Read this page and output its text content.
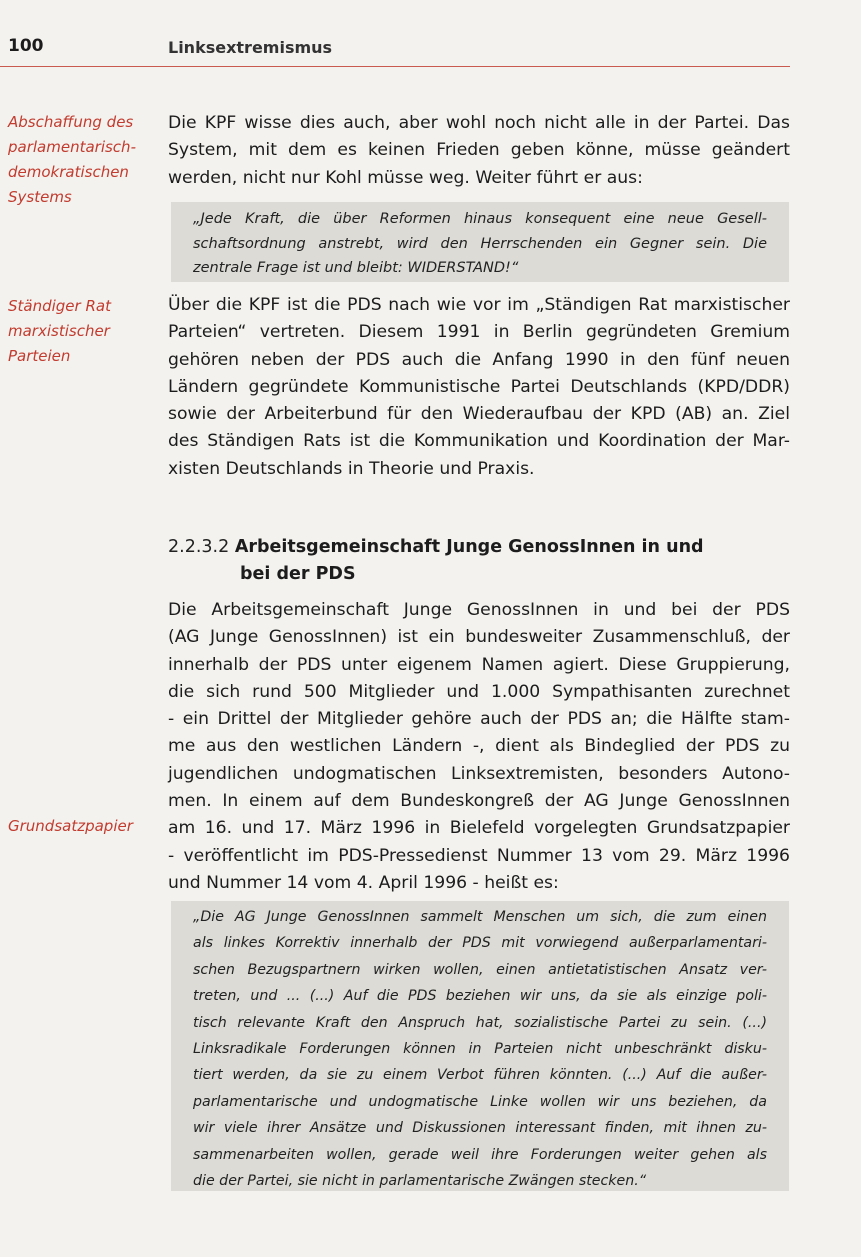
100	Linksextremismus
Abschaffung des
parlamentarisch-
demokratischen
Systems
Ständiger Rat
marxistischer
Parteien
Grundsatzpapier
Die KPF wisse dies auch, aber wohl noch nicht alle in der Partei. Das
System, mit dem es keinen Frieden geben könne, müsse geändert
werden, nicht nur Kohl müsse weg. Weiter führt er aus:
„Jede Kraft, die über Reformen hinaus konsequent eine neue Gesell-
schaftsordnung anstrebt, wird den Herrschenden ein Gegner sein. Die
zentrale Frage ist und bleibt: WIDERSTAND!“
Über die KPF ist die PDS nach wie vor im „Ständigen Rat marxistischer
Parteien“ vertreten. Diesem 1991 in Berlin gegründeten Gremium
gehören neben der PDS auch die Anfang 1990 in den fünf neuen
Ländern gegründete Kommunistische Partei Deutschlands (KPD/DDR)
sowie der Arbeiterbund für den Wiederaufbau der KPD (AB) an. Ziel
des Ständigen Rats ist die Kommunikation und Koordination der Mar-
xisten Deutschlands in Theorie und Praxis.
2.2.3.2 Arbeitsgemeinschaft Junge GenossInnen in und
bei der PDS
Die Arbeitsgemeinschaft Junge GenossInnen in und bei der PDS
(AG Junge GenossInnen) ist ein bundesweiter Zusammenschluß, der
innerhalb der PDS unter eigenem Namen agiert. Diese Gruppierung,
die sich rund 500 Mitglieder und 1.000 Sympathisanten zurechnet
- ein Drittel der Mitglieder gehöre auch der PDS an; die Hälfte stam-
me aus den westlichen Ländern -, dient als Bindeglied der PDS zu
jugendlichen undogmatischen Linksextremisten, besonders Autono-
men. In einem auf dem Bundeskongreß der AG Junge GenossInnen
am 16. und 17. März 1996 in Bielefeld vorgelegten Grundsatzpapier
- veröffentlicht im PDS-Pressedienst Nummer 13 vom 29. März 1996
und Nummer 14 vom 4. April 1996 - heißt es:
„Die AG Junge GenossInnen sammelt Menschen um sich, die zum einen
als linkes Korrektiv innerhalb der PDS mit vorwiegend außerparlamentari-
schen Bezugspartnern wirken wollen, einen antietatistischen Ansatz ver-
treten, und ... (...) Auf die PDS beziehen wir uns, da sie als einzige poli-
tisch relevante Kraft den Anspruch hat, sozialistische Partei zu sein. (...)
Linksradikale Forderungen können in Parteien nicht unbeschränkt disku-
tiert werden, da sie zu einem Verbot führen könnten. (...) Auf die außer-
parlamentarische und undogmatische Linke wollen wir uns beziehen, da
wir viele ihrer Ansätze und Diskussionen interessant finden, mit ihnen zu-
sammenarbeiten wollen, gerade weil ihre Forderungen weiter gehen als
die der Partei, sie nicht in parlamentarische Zwängen stecken.“
